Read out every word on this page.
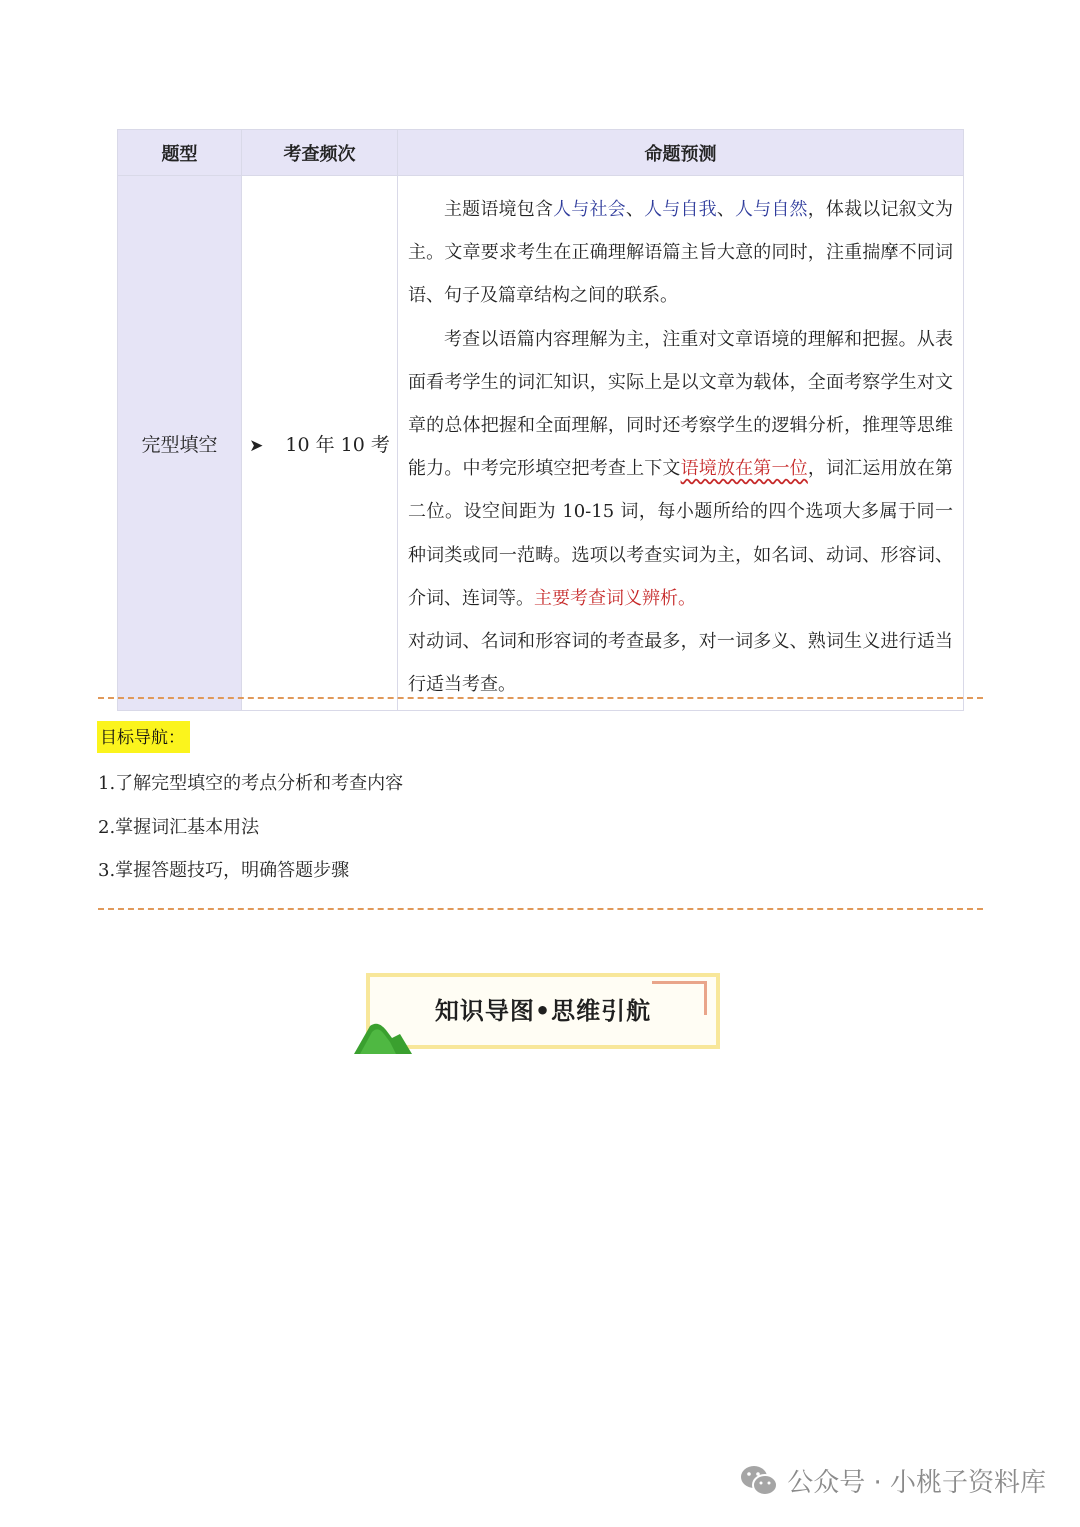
题型	考查频次	命题预测
完型填空	➤ 10 年 10 考	主题语境包含人与社会、人与自我、人与自然，体裁以记叙文为主。文章要求考生在正确理解语篇主旨大意的同时，注重揣摩不同词语、句子及篇章结构之间的联系。

考查以语篇内容理解为主，注重对文章语境的理解和把握。从表面看考学生的词汇知识，实际上是以文章为载体，全面考察学生对文章的总体把握和全面理解，同时还考察学生的逻辑分析，推理等思维能力。中考完形填空把考查上下文语境放在第一位，词汇运用放在第二位。设空间距为 10-15 词，每小题所给的四个选项大多属于同一种词类或同一范畴。选项以考查实词为主，如名词、动词、形容词、介词、连词等。主要考查词义辨析。

对动词、名词和形容词的考查最多，对一词多义、熟词生义进行适当行适当考查。

目标导航：
1.了解完型填空的考点分析和考查内容
2.掌握词汇基本用法
3.掌握答题技巧，明确答题步骤
知识导图•思维引航
公众号 · 小桃子资料库
